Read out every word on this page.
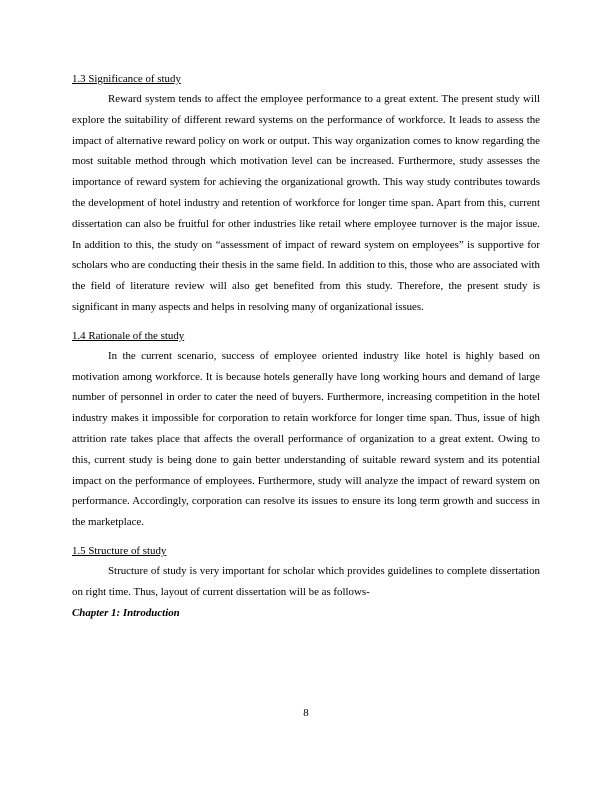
1.3 Significance of study

Reward system tends to affect the employee performance to a great extent. The present study will explore the suitability of different reward systems on the performance of workforce. It leads to assess the impact of alternative reward policy on work or output. This way organization comes to know regarding the most suitable method through which motivation level can be increased. Furthermore, study assesses the importance of reward system for achieving the organizational growth. This way study contributes towards the development of hotel industry and retention of workforce for longer time span. Apart from this, current dissertation can also be fruitful for other industries like retail where employee turnover is the major issue. In addition to this, the study on “assessment of impact of reward system on employees” is supportive for scholars who are conducting their thesis in the same field. In addition to this, those who are associated with the field of literature review will also get benefited from this study. Therefore, the present study is significant in many aspects and helps in resolving many of organizational issues.

1.4 Rationale of the study

In the current scenario, success of employee oriented industry like hotel is highly based on motivation among workforce. It is because hotels generally have long working hours and demand of large number of personnel in order to cater the need of buyers. Furthermore, increasing competition in the hotel industry makes it impossible for corporation to retain workforce for longer time span. Thus, issue of high attrition rate takes place that affects the overall performance of organization to a great extent. Owing to this, current study is being done to gain better understanding of suitable reward system and its potential impact on the performance of employees. Furthermore, study will analyze the impact of reward system on performance. Accordingly, corporation can resolve its issues to ensure its long term growth and success in the marketplace.

1.5 Structure of study

Structure of study is very important for scholar which provides guidelines to complete dissertation on right time. Thus, layout of current dissertation will be as follows-

Chapter 1: Introduction
8
